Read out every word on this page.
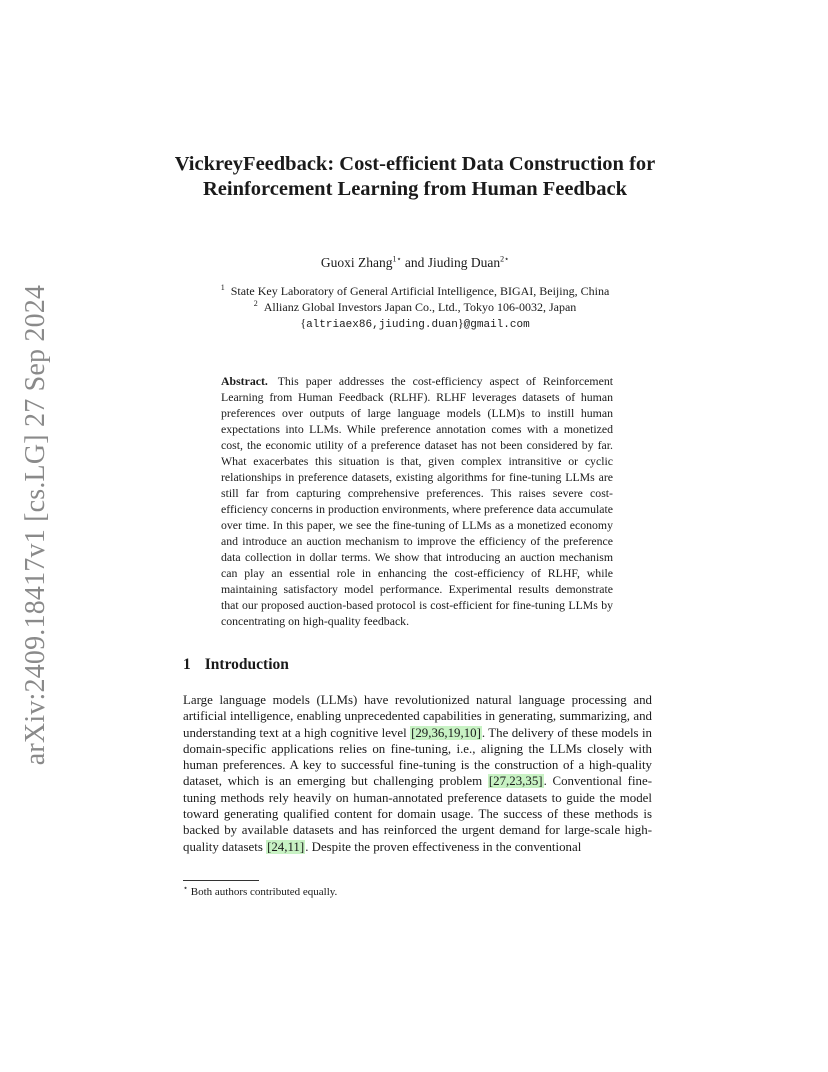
arXiv:2409.18417v1 [cs.LG] 27 Sep 2024
VickreyFeedback: Cost-efficient Data Construction for Reinforcement Learning from Human Feedback
Guoxi Zhang$^{1⋆}$ and Jiuding Duan$^{2⋆}$
$^1$ State Key Laboratory of General Artificial Intelligence, BIGAI, Beijing, China
$^2$ Allianz Global Investors Japan Co., Ltd., Tokyo 106-0032, Japan
{altriaex86,jiuding.duan}@gmail.com
Abstract. This paper addresses the cost-efficiency aspect of Reinforcement Learning from Human Feedback (RLHF). RLHF leverages datasets of human preferences over outputs of large language models (LLM)s to instill human expectations into LLMs. While preference annotation comes with a monetized cost, the economic utility of a preference dataset has not been considered by far. What exacerbates this situation is that, given complex intransitive or cyclic relationships in preference datasets, existing algorithms for fine-tuning LLMs are still far from capturing comprehensive preferences. This raises severe cost-efficiency concerns in production environments, where preference data accumulate over time. In this paper, we see the fine-tuning of LLMs as a monetized economy and introduce an auction mechanism to improve the efficiency of the preference data collection in dollar terms. We show that introducing an auction mechanism can play an essential role in enhancing the cost-efficiency of RLHF, while maintaining satisfactory model performance. Experimental results demonstrate that our proposed auction-based protocol is cost-efficient for fine-tuning LLMs by concentrating on high-quality feedback.
1 Introduction
Large language models (LLMs) have revolutionized natural language processing and artificial intelligence, enabling unprecedented capabilities in generating, summarizing, and understanding text at a high cognitive level [29,36,19,10]. The delivery of these models in domain-specific applications relies on fine-tuning, i.e., aligning the LLMs closely with human preferences. A key to successful fine-tuning is the construction of a high-quality dataset, which is an emerging but challenging problem [27,23,35]. Conventional fine-tuning methods rely heavily on human-annotated preference datasets to guide the model toward generating qualified content for domain usage. The success of these methods is backed by available datasets and has reinforced the urgent demand for large-scale high-quality datasets [24,11]. Despite the proven effectiveness in the conventional
⋆ Both authors contributed equally.
